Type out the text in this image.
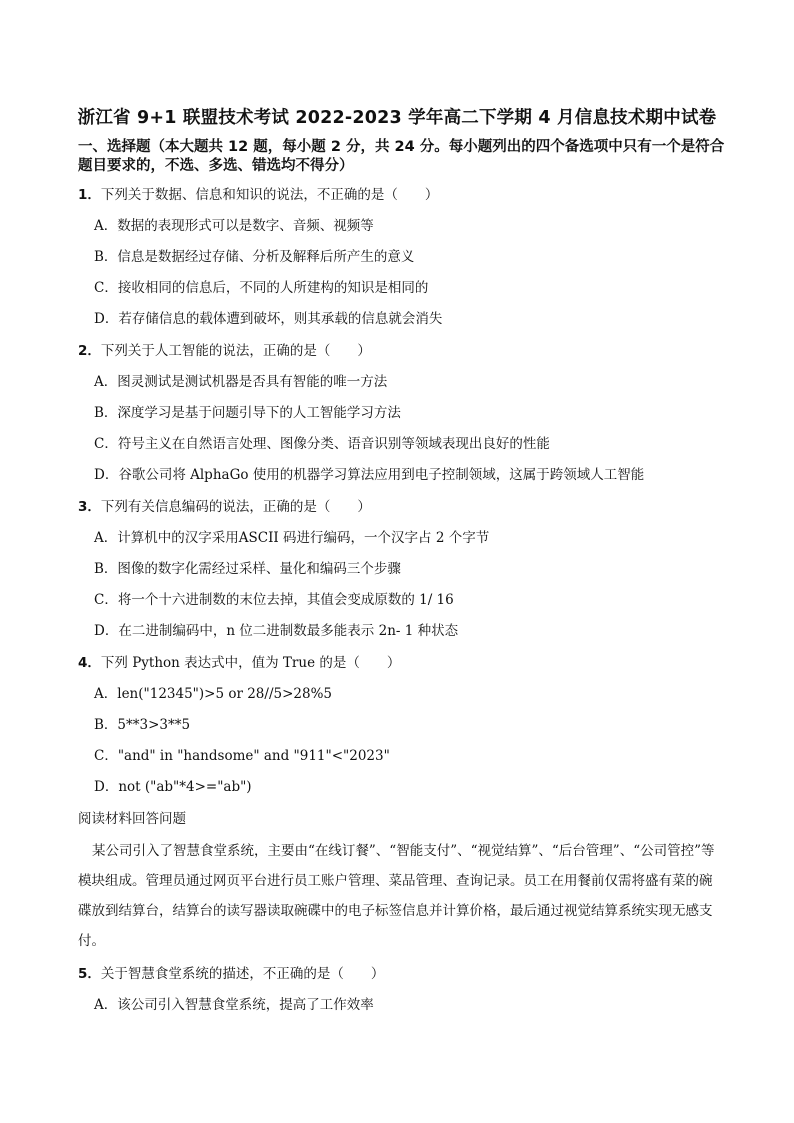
浙江省 9+1 联盟技术考试 2022-2023 学年高二下学期 4 月信息技术期中试卷
一、选择题（本大题共 12 题，每小题 2 分，共 24 分。每小题列出的四个备选项中只有一个是符合题目要求的，不选、多选、错选均不得分）
1．下列关于数据、信息和知识的说法，不正确的是（　　）
A．数据的表现形式可以是数字、音频、视频等
B．信息是数据经过存储、分析及解释后所产生的意义
C．接收相同的信息后，不同的人所建构的知识是相同的
D．若存储信息的载体遭到破坏，则其承载的信息就会消失
2．下列关于人工智能的说法，正确的是（　　）
A．图灵测试是测试机器是否具有智能的唯一方法
B．深度学习是基于问题引导下的人工智能学习方法
C．符号主义在自然语言处理、图像分类、语音识别等领域表现出良好的性能
D．谷歌公司将 AlphaGo 使用的机器学习算法应用到电子控制领域，这属于跨领域人工智能
3．下列有关信息编码的说法，正确的是（　　）
A．计算机中的汉字采用ASCII 码进行编码，一个汉字占 2 个字节
B．图像的数字化需经过采样、量化和编码三个步骤
C．将一个十六进制数的末位去掉，其值会变成原数的 1/ 16
D．在二进制编码中，n 位二进制数最多能表示 2n- 1 种状态
4．下列 Python 表达式中，值为 True 的是（　　）
A．len("12345")>5 or 28//5>28%5
B．5**3>3**5
C．"and" in "handsome" and "911"<"2023"
D．not ("ab"*4>="ab")
阅读材料回答问题
某公司引入了智慧食堂系统，主要由“在线订餐”、“智能支付”、“视觉结算”、“后台管理”、“公司管控”等模块组成。管理员通过网页平台进行员工账户管理、菜品管理、查询记录。员工在用餐前仅需将盛有菜的碗碟放到结算台，结算台的读写器读取碗碟中的电子标签信息并计算价格，最后通过视觉结算系统实现无感支付。
5．关于智慧食堂系统的描述，不正确的是（　　）
A．该公司引入智慧食堂系统，提高了工作效率
